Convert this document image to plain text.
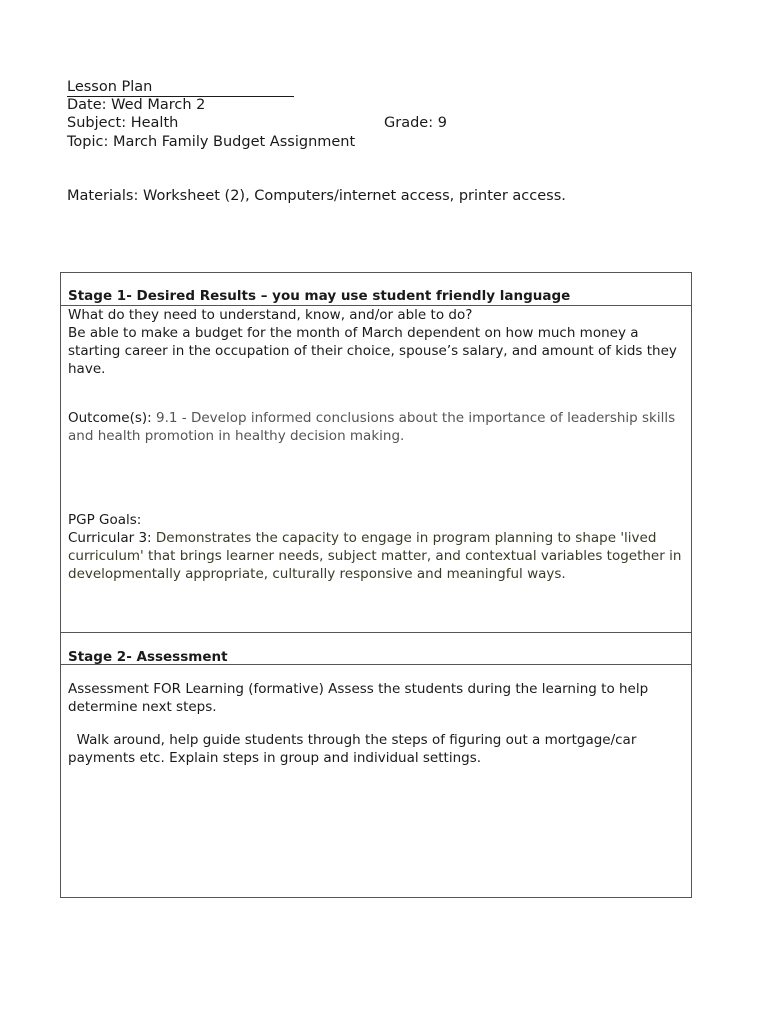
Lesson Plan
Date: Wed March 2
Subject: Health	Grade: 9
Topic: March Family Budget Assignment
Materials: Worksheet (2), Computers/internet access, printer access.
Stage 1- Desired Results – you may use student friendly language

What do they need to understand, know, and/or able to do?

Be able to make a budget for the month of March dependent on how much money a starting career in the occupation of their choice, spouse’s salary, and amount of kids they have.

Outcome(s): 9.1 - Develop informed conclusions about the importance of leadership skills and health promotion in healthy decision making.

PGP Goals:

Curricular 3: Demonstrates the capacity to engage in program planning to shape 'lived curriculum' that brings learner needs, subject matter, and contextual variables together in developmentally appropriate, culturally responsive and meaningful ways.

Stage 2- Assessment
Assessment FOR Learning (formative) Assess the students during the learning to help determine next steps.
Walk around, help guide students through the steps of figuring out a mortgage/car payments etc. Explain steps in group and individual settings.
